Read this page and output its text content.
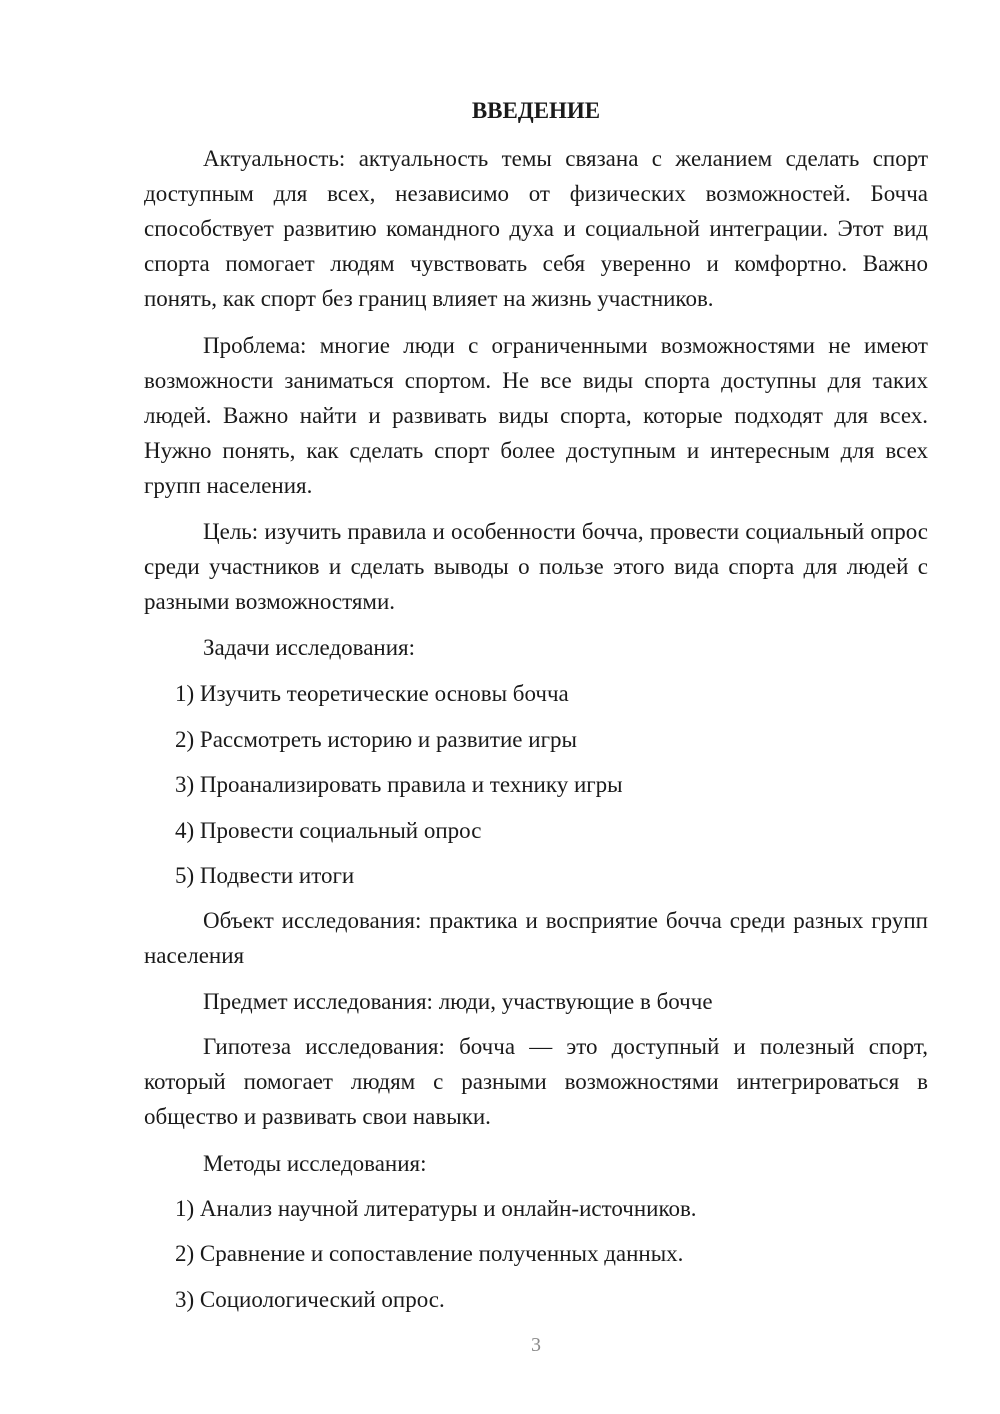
ВВЕДЕНИЕ

Актуальность: актуальность темы связана с желанием сделать спорт доступным для всех, независимо от физических возможностей. Бочча способствует развитию командного духа и социальной интеграции. Этот вид спорта помогает людям чувствовать себя уверенно и комфортно. Важно понять, как спорт без границ влияет на жизнь участников.

Проблема: многие люди с ограниченными возможностями не имеют возможности заниматься спортом. Не все виды спорта доступны для таких людей. Важно найти и развивать виды спорта, которые подходят для всех. Нужно понять, как сделать спорт более доступным и интересным для всех групп населения.

Цель: изучить правила и особенности бочча, провести социальный опрос среди участников и сделать выводы о пользе этого вида спорта для людей с разными возможностями.

Задачи исследования:

1) Изучить теоретические основы бочча

2) Рассмотреть историю и развитие игры

3) Проанализировать правила и технику игры

4) Провести социальный опрос

5) Подвести итоги

Объект исследования: практика и восприятие бочча среди разных групп населения

Предмет исследования: люди, участвующие в бочче

Гипотеза исследования: бочча — это доступный и полезный спорт, который помогает людям с разными возможностями интегрироваться в общество и развивать свои навыки.

Методы исследования:

1) Анализ научной литературы и онлайн-источников.

2) Сравнение и сопоставление полученных данных.

3) Социологический опрос.

3
